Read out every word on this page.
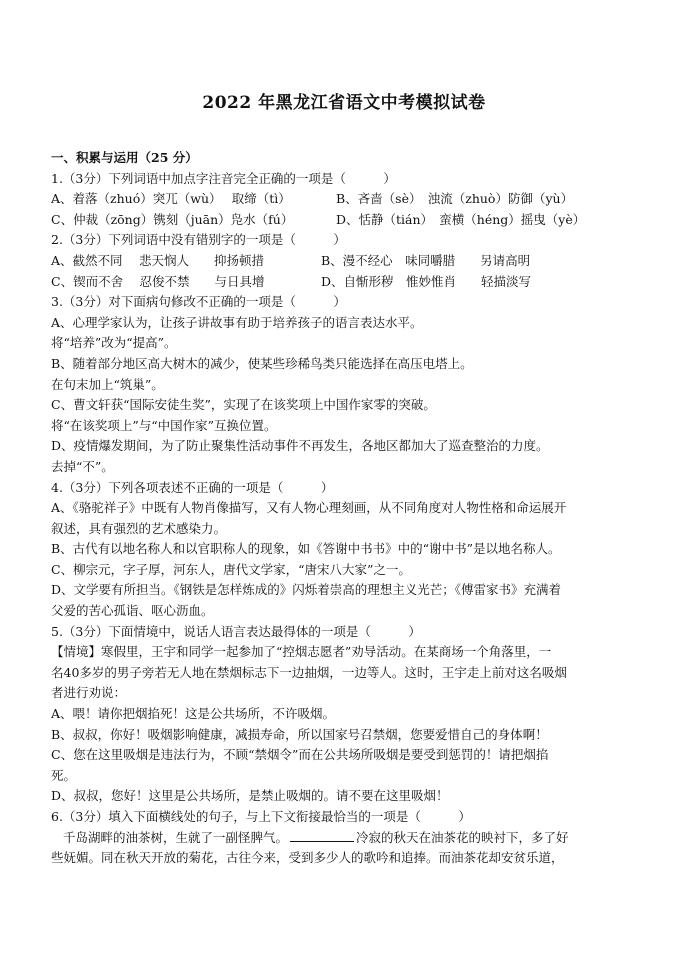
2022 年黑龙江省语文中考模拟试卷
一、积累与运用（25 分）
1.（3分）下列词语中加点字注音完全正确的一项是（　　　）
A、着落（zhuó）突兀（wù）　 取缔（tì）	B、吝啬（sè）　浊流（zhuò）防御（yù）
C、仲裁（zōng）镌刻（juān）凫水（fú）	D、恬静（tián）　蛮横（héng）摇曳（yè）
2.（3分）下列词语中没有错别字的一项是（　　　）
A、截然不同　 悲天悯人　　抑扬顿措	B、漫不经心　味同嚼腊　　另请高明
C、锲而不舍　 忍俊不禁　　与日具增	D、自惭形秽　惟妙惟肖　　轻描淡写
3.（3分）对下面病句修改不正确的一项是（　　　）
A、心理学家认为，让孩子讲故事有助于培养孩子的语言表达水平。
将“培养”改为“提高”。
B、随着部分地区高大树木的减少，使某些珍稀鸟类只能选择在高压电塔上。
在句末加上“筑巢”。
C、曹文轩获“国际安徒生奖”，实现了在该奖项上中国作家零的突破。
将“在该奖项上”与“中国作家”互换位置。
D、疫情爆发期间，为了防止聚集性活动事件不再发生，各地区都加大了巡查整治的力度。
去掉“不”。
4.（3分）下列各项表述不正确的一项是（　　　）
A、《骆驼祥子》中既有人物肖像描写，又有人物心理刻画，从不同角度对人物性格和命运展开
叙述，具有强烈的艺术感染力。
B、古代有以地名称人和以官职称人的现象，如《答谢中书书》中的“谢中书”是以地名称人。
C、柳宗元，字子厚，河东人，唐代文学家，“唐宋八大家”之一。
D、文学要有所担当。《钢铁是怎样炼成的》闪烁着崇高的理想主义光芒；《傅雷家书》充满着
父爱的苦心孤诣、呕心沥血。
5.（3分）下面情境中，说话人语言表达最得体的一项是（　　　）
【情境】寒假里，王宇和同学一起参加了“控烟志愿者”劝导活动。在某商场一个角落里，一
名40多岁的男子旁若无人地在禁烟标志下一边抽烟，一边等人。这时，王宇走上前对这名吸烟
者进行劝说：
A、喂！请你把烟掐死！这是公共场所，不许吸烟。
B、叔叔，你好！吸烟影响健康，减损寿命，所以国家号召禁烟，您要爱惜自己的身体啊！
C、您在这里吸烟是违法行为，不顾“禁烟令”而在公共场所吸烟是要受到惩罚的！请把烟掐
死。
D、叔叔，您好！这里是公共场所，是禁止吸烟的。请不要在这里吸烟！
6.（3分）填入下面横线处的句子，与上下文衔接最恰当的一项是（　　　）
千岛湖畔的油茶树，生就了一副怪脾气。	冷寂的秋天在油茶花的映衬下，多了好
些妩媚。同在秋天开放的菊花，古往今来，受到多少人的歌吟和追捧。而油茶花却安贫乐道，
